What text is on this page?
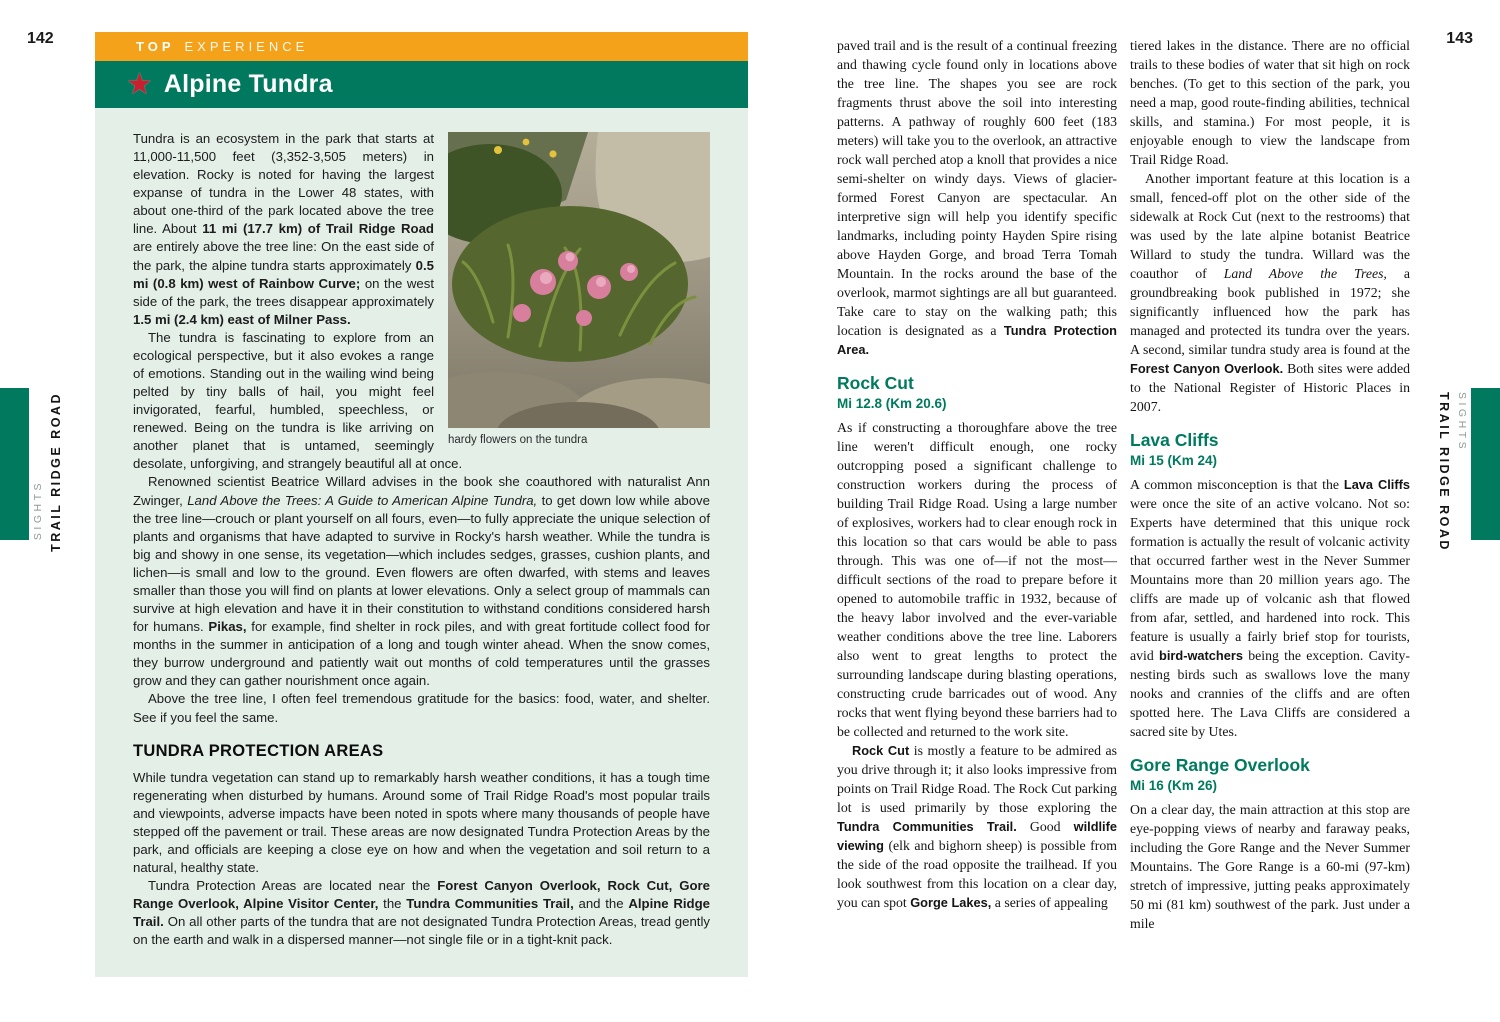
142	143
SIGHTS TRAIL RIDGE ROAD	SIGHTS
TRAIL RIDGE ROAD
TOP EXPERIENCE
★ Alpine Tundra
hardy flowers on the tundra

Tundra is an ecosystem in the park that starts at 11,000-11,500 feet (3,352-3,505 meters) in elevation. Rocky is noted for having the largest expanse of tundra in the Lower 48 states, with about one-third of the park located above the tree line. About 11 mi (17.7 km) of Trail Ridge Road are entirely above the tree line: On the east side of the park, the alpine tundra starts approximately 0.5 mi (0.8 km) west of Rainbow Curve; on the west side of the park, the trees disappear approximately 1.5 mi (2.4 km) east of Milner Pass.

The tundra is fascinating to explore from an ecological perspective, but it also evokes a range of emotions. Standing out in the wailing wind being pelted by tiny balls of hail, you might feel invigorated, fearful, humbled, speechless, or renewed. Being on the tundra is like arriving on another planet that is untamed, seemingly desolate, unforgiving, and strangely beautiful all at once.

Renowned scientist Beatrice Willard advises in the book she coauthored with naturalist Ann Zwinger, Land Above the Trees: A Guide to American Alpine Tundra, to get down low while above the tree line—crouch or plant yourself on all fours, even—to fully appreciate the unique selection of plants and organisms that have adapted to survive in Rocky's harsh weather. While the tundra is big and showy in one sense, its vegetation—which includes sedges, grasses, cushion plants, and lichen—is small and low to the ground. Even flowers are often dwarfed, with stems and leaves smaller than those you will find on plants at lower elevations. Only a select group of mammals can survive at high elevation and have it in their constitution to withstand conditions considered harsh for humans. Pikas, for example, find shelter in rock piles, and with great fortitude collect food for months in the summer in anticipation of a long and tough winter ahead. When the snow comes, they burrow underground and patiently wait out months of cold temperatures until the grasses grow and they can gather nourishment once again.

Above the tree line, I often feel tremendous gratitude for the basics: food, water, and shelter. See if you feel the same.

TUNDRA PROTECTION AREAS

While tundra vegetation can stand up to remarkably harsh weather conditions, it has a tough time regenerating when disturbed by humans. Around some of Trail Ridge Road's most popular trails and viewpoints, adverse impacts have been noted in spots where many thousands of people have stepped off the pavement or trail. These areas are now designated Tundra Protection Areas by the park, and officials are keeping a close eye on how and when the vegetation and soil return to a natural, healthy state.

Tundra Protection Areas are located near the Forest Canyon Overlook, Rock Cut, Gore Range Overlook, Alpine Visitor Center, the Tundra Communities Trail, and the Alpine Ridge Trail. On all other parts of the tundra that are not designated Tundra Protection Areas, tread gently on the earth and walk in a dispersed manner—not single file or in a tight-knit pack.

paved trail and is the result of a continual freezing and thawing cycle found only in locations above the tree line. The shapes you see are rock fragments thrust above the soil into interesting patterns. A pathway of roughly 600 feet (183 meters) will take you to the overlook, an attractive rock wall perched atop a knoll that provides a nice semi-shelter on windy days. Views of glacier-formed Forest Canyon are spectacular. An interpretive sign will help you identify specific landmarks, including pointy Hayden Spire rising above Hayden Gorge, and broad Terra Tomah Mountain. In the rocks around the base of the overlook, marmot sightings are all but guaranteed. Take care to stay on the walking path; this location is designated as a Tundra Protection Area.

Rock Cut
Mi 12.8 (Km 20.6)

As if constructing a thoroughfare above the tree line weren't difficult enough, one rocky outcropping posed a significant challenge to construction workers during the process of building Trail Ridge Road. Using a large number of explosives, workers had to clear enough rock in this location so that cars would be able to pass through. This was one of—if not the most—difficult sections of the road to prepare before it opened to automobile traffic in 1932, because of the heavy labor involved and the ever-variable weather conditions above the tree line. Laborers also went to great lengths to protect the surrounding landscape during blasting operations, constructing crude barricades out of wood. Any rocks that went flying beyond these barriers had to be collected and returned to the work site.

Rock Cut is mostly a feature to be admired as you drive through it; it also looks impressive from points on Trail Ridge Road. The Rock Cut parking lot is used primarily by those exploring the Tundra Communities Trail. Good wildlife viewing (elk and bighorn sheep) is possible from the side of the road opposite the trailhead. If you look southwest from this location on a clear day, you can spot Gorge Lakes, a series of appealing

tiered lakes in the distance. There are no official trails to these bodies of water that sit high on rock benches. (To get to this section of the park, you need a map, good route-finding abilities, technical skills, and stamina.) For most people, it is enjoyable enough to view the landscape from Trail Ridge Road.

Another important feature at this location is a small, fenced-off plot on the other side of the sidewalk at Rock Cut (next to the restrooms) that was used by the late alpine botanist Beatrice Willard to study the tundra. Willard was the coauthor of Land Above the Trees, a groundbreaking book published in 1972; she significantly influenced how the park has managed and protected its tundra over the years. A second, similar tundra study area is found at the Forest Canyon Overlook. Both sites were added to the National Register of Historic Places in 2007.

Lava Cliffs
Mi 15 (Km 24)

A common misconception is that the Lava Cliffs were once the site of an active volcano. Not so: Experts have determined that this unique rock formation is actually the result of volcanic activity that occurred farther west in the Never Summer Mountains more than 20 million years ago. The cliffs are made up of volcanic ash that flowed from afar, settled, and hardened into rock. This feature is usually a fairly brief stop for tourists, avid bird-watchers being the exception. Cavity-nesting birds such as swallows love the many nooks and crannies of the cliffs and are often spotted here. The Lava Cliffs are considered a sacred site by Utes.

Gore Range Overlook
Mi 16 (Km 26)

On a clear day, the main attraction at this stop are eye-popping views of nearby and faraway peaks, including the Gore Range and the Never Summer Mountains. The Gore Range is a 60-mi (97-km) stretch of impressive, jutting peaks approximately 50 mi (81 km) southwest of the park. Just under a mile
